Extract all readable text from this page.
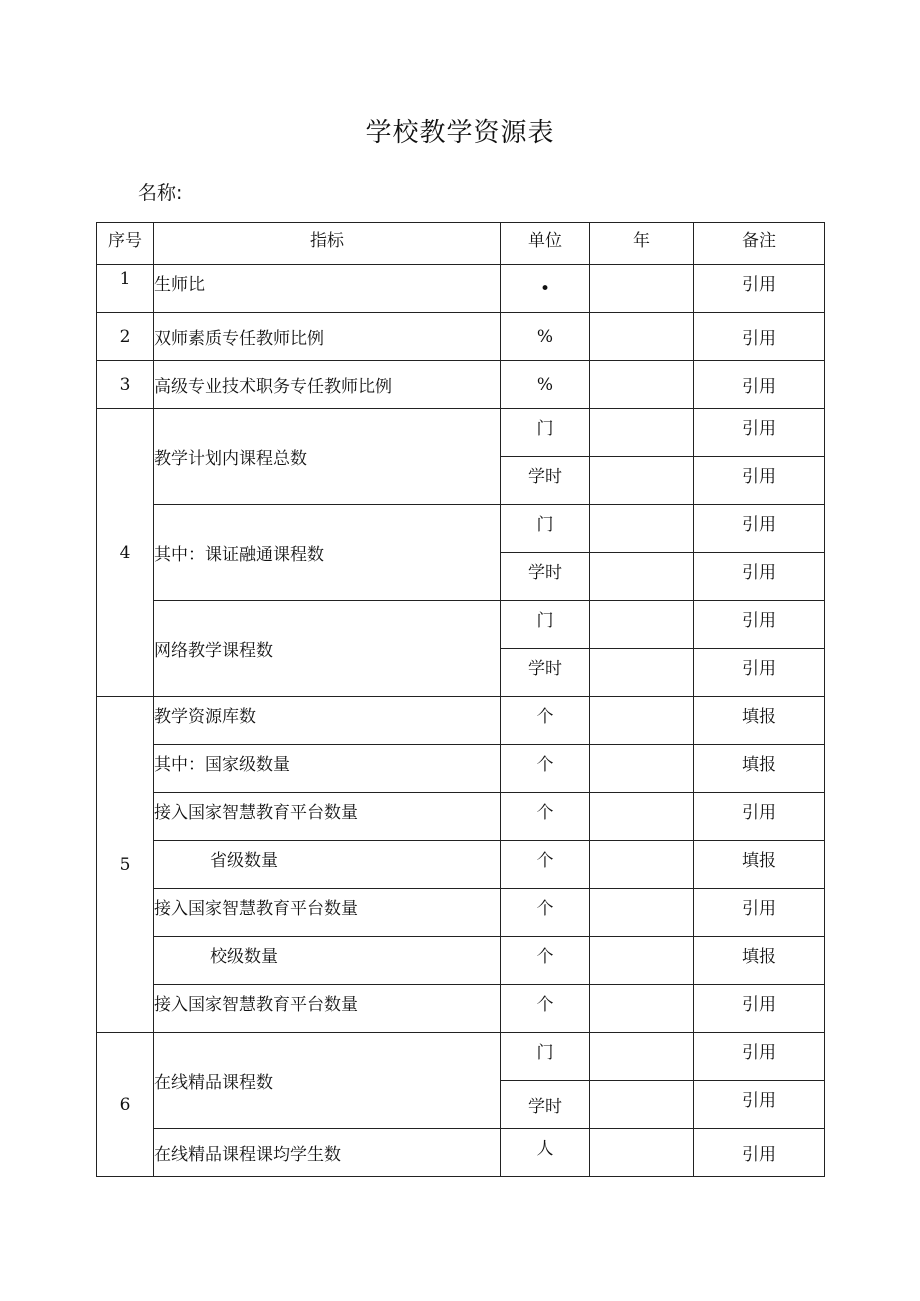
学校教学资源表
名称:
序号	指标	单位	年	备注
1	生师比	•		引用
2	双师素质专任教师比例	%		引用
3	高级专业技术职务专任教师比例	%		引用
4	教学计划内课程总数	门		引用
		学时		引用
	其中：课证融通课程数	门		引用
		学时		引用
	网络教学课程数	门		引用
		学时		引用
5	教学资源库数	个		填报
	其中：国家级数量	个		填报
	接入国家智慧教育平台数量	个		引用
	省级数量	个		填报
	接入国家智慧教育平台数量	个		引用
	校级数量	个		填报
	接入国家智慧教育平台数量	个		引用
6	在线精品课程数	门		引用
		学时		引用
	在线精品课程课均学生数	人		引用
